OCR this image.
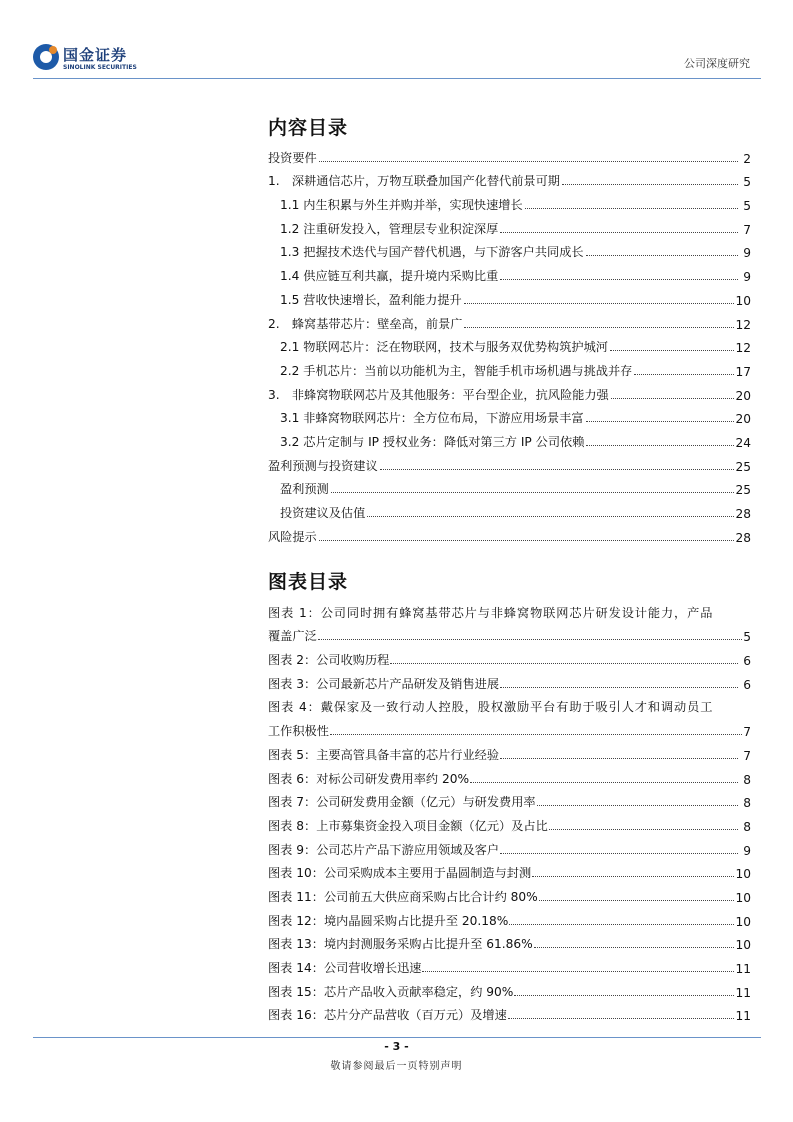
国金证券
SINOLINK SECURITIES	公司深度研究
内容目录
投资要件	2
1.　深耕通信芯片，万物互联叠加国产化替代前景可期	5
1.1 内生积累与外生并购并举，实现快速增长	5
1.2 注重研发投入，管理层专业积淀深厚	7
1.3 把握技术迭代与国产替代机遇，与下游客户共同成长	9
1.4 供应链互利共赢，提升境内采购比重	9
1.5 营收快速增长，盈利能力提升	10
2.　蜂窝基带芯片：壁垒高，前景广	12
2.1 物联网芯片：泛在物联网，技术与服务双优势构筑护城河	12
2.2 手机芯片：当前以功能机为主，智能手机市场机遇与挑战并存	17
3.　非蜂窝物联网芯片及其他服务：平台型企业，抗风险能力强	20
3.1 非蜂窝物联网芯片：全方位布局，下游应用场景丰富	20
3.2 芯片定制与 IP 授权业务：降低对第三方 IP 公司依赖	24
盈利预测与投资建议	25
盈利预测	25
投资建议及估值	28
风险提示	28
图表目录
图表 1：公司同时拥有蜂窝基带芯片与非蜂窝物联网芯片研发设计能力，产品
覆盖广泛	5
图表 2：公司收购历程	6
图表 3：公司最新芯片产品研发及销售进展	6
图表 4：戴保家及一致行动人控股，股权激励平台有助于吸引人才和调动员工
工作积极性	7
图表 5：主要高管具备丰富的芯片行业经验	7
图表 6：对标公司研发费用率约 20%	8
图表 7：公司研发费用金额（亿元）与研发费用率	8
图表 8：上市募集资金投入项目金额（亿元）及占比	8
图表 9：公司芯片产品下游应用领域及客户	9
图表 10：公司采购成本主要用于晶圆制造与封测	10
图表 11：公司前五大供应商采购占比合计约 80%	10
图表 12：境内晶圆采购占比提升至 20.18%	10
图表 13：境内封测服务采购占比提升至 61.86%	10
图表 14：公司营收增长迅速	11
图表 15：芯片产品收入贡献率稳定，约 90%	11
图表 16：芯片分产品营收（百万元）及增速	11
- 3 -
敬请参阅最后一页特别声明
